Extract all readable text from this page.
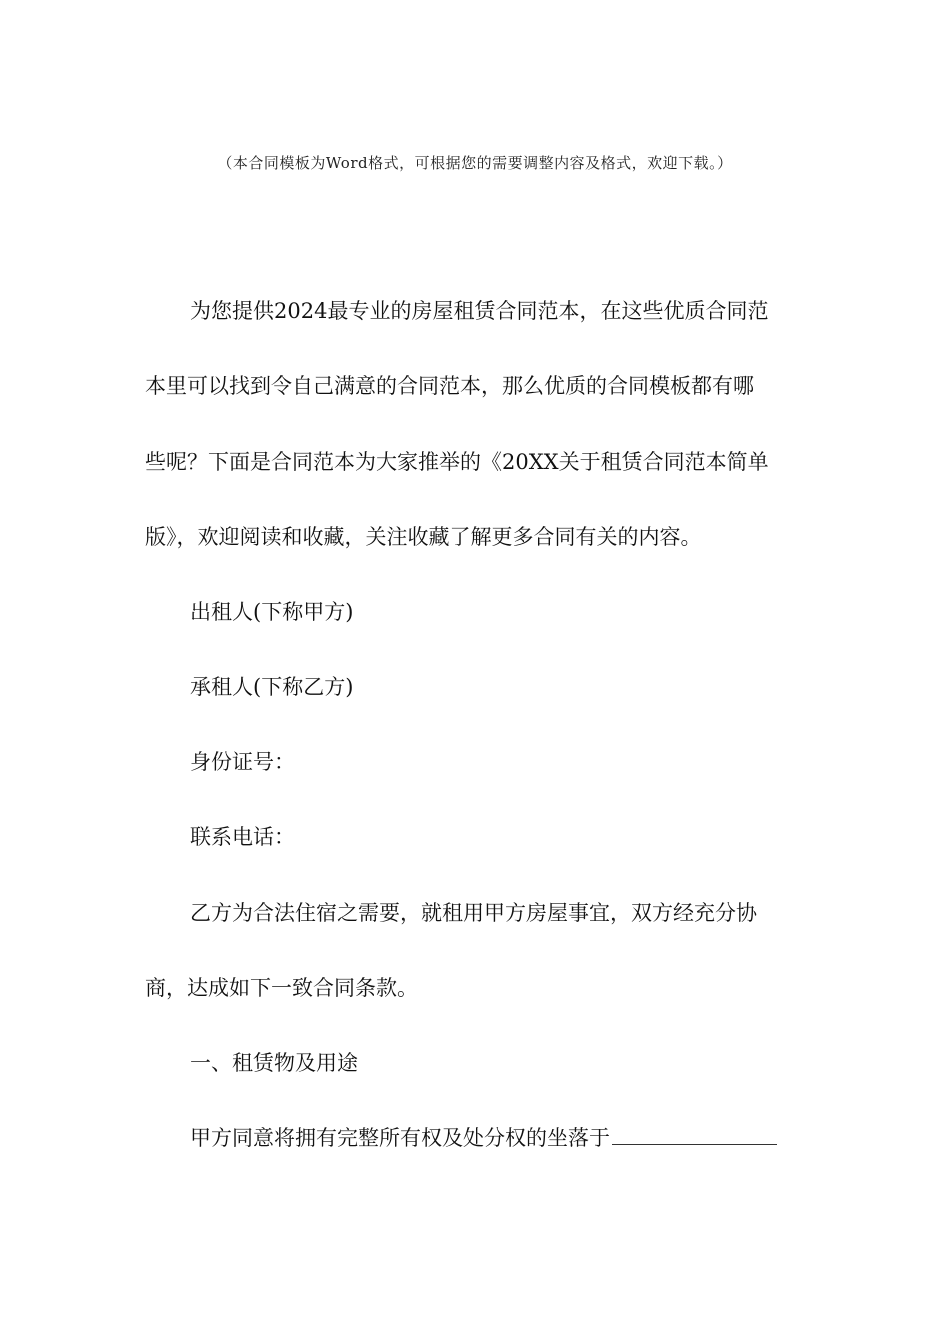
（本合同模板为Word格式，可根据您的需要调整内容及格式，欢迎下载。）
为您提供2024最专业的房屋租赁合同范本，在这些优质合同范
本里可以找到令自己满意的合同范本，那么优质的合同模板都有哪
些呢？下面是合同范本为大家推举的《20XX关于租赁合同范本简单
版》，欢迎阅读和收藏，关注收藏了解更多合同有关的内容。
出租人(下称甲方)
承租人(下称乙方)
身份证号：
联系电话：
乙方为合法住宿之需要，就租用甲方房屋事宜，双方经充分协
商，达成如下一致合同条款。
一、租赁物及用途
甲方同意将拥有完整所有权及处分权的坐落于
